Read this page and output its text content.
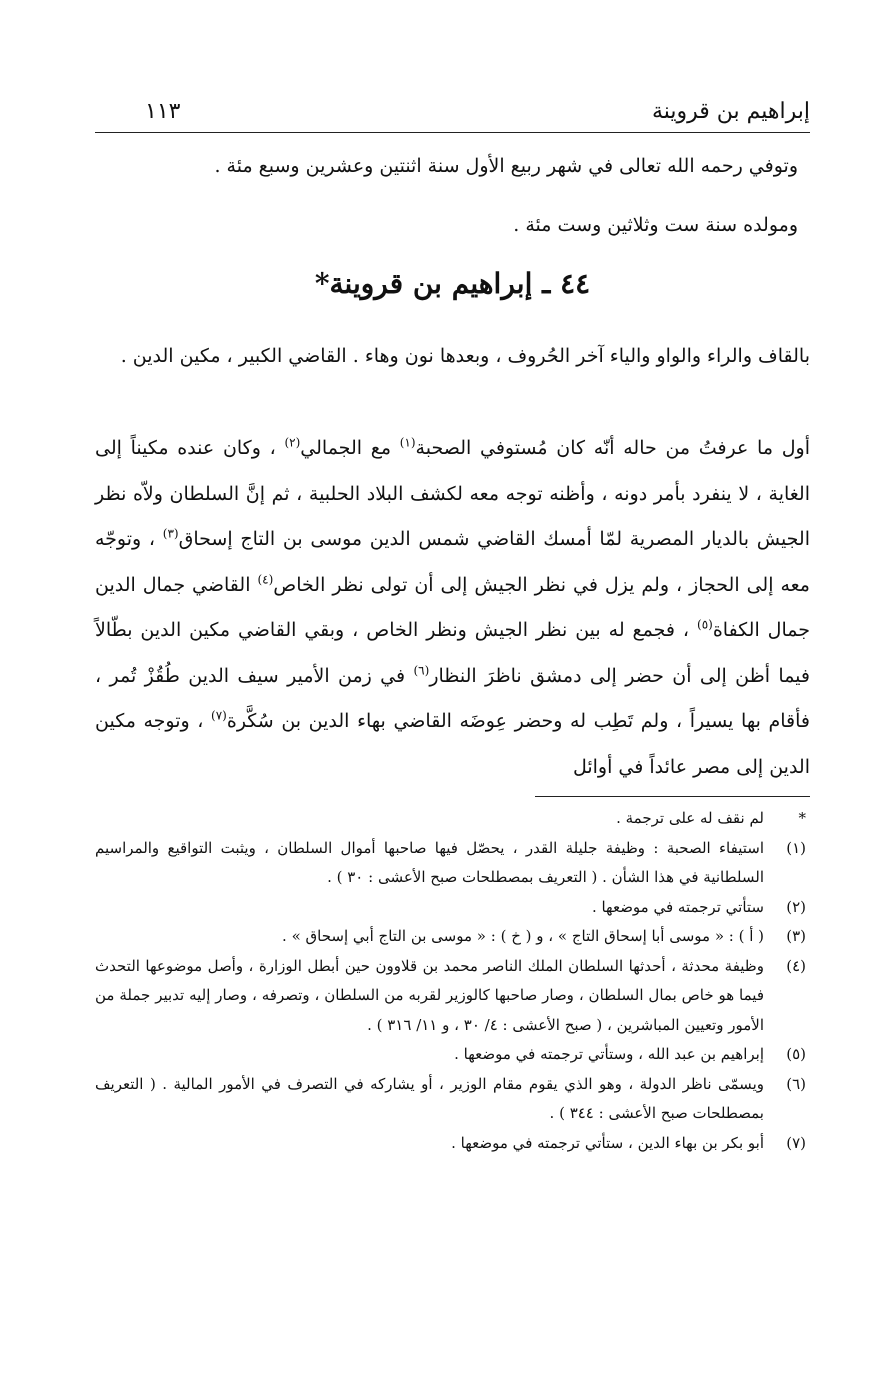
إبراهيم بن قروينة
١١٣

وتوفي رحمه الله تعالى في شهر ربيع الأول سنة اثنتين وعشرين وسبع مئة .

ومولده سنة ست وثلاثين وست مئة .

٤٤ ـ إبراهيم بن قروينة*

بالقاف والراء والواو والياء آخر الحُروف ، وبعدها نون وهاء . القاضي الكبير ، مكين الدين .

أول ما عرفتُ من حاله أنّه كان مُستوفي الصحبة$^{(١)}$ مع الجمالي$^{(٢)}$ ، وكان عنده مكيناً إلى الغاية ، لا ينفرد بأمر دونه ، وأظنه توجه معه لكشف البلاد الحلبية ، ثم إنَّ السلطان ولاّه نظر الجيش بالديار المصرية لمّا أمسك القاضي شمس الدين موسى بن التاج إسحاق$^{(٣)}$ ، وتوجّه معه إلى الحجاز ، ولم يزل في نظر الجيش إلى أن تولى نظر الخاص$^{(٤)}$ القاضي جمال الدين جمال الكفاة$^{(٥)}$ ، فجمع له بين نظر الجيش ونظر الخاص ، وبقي القاضي مكين الدين بطّالاً فيما أظن إلى أن حضر إلى دمشق ناظرَ النظار$^{(٦)}$ في زمن الأمير سيف الدين طُقُزْ تُمر ، فأقام بها يسيراً ، ولم تَطِب له وحضر عِوضَه القاضي بهاء الدين بن سُكَّرة$^{(٧)}$ ، وتوجه مكين الدين إلى مصر عائداً في أوائل

*
لم نقف له على ترجمة .
(١)
استيفاء الصحبة : وظيفة جليلة القدر ، يحصّل فيها صاحبها أموال السلطان ، ويثبت التواقيع والمراسيم السلطانية في هذا الشأن . ( التعريف بمصطلحات صبح الأعشى : ٣٠ ) .
(٢)
ستأتي ترجمته في موضعها .
(٣)
( أ ) : « موسى أبا إسحاق التاج » ، و ( خ ) : « موسى بن التاج أبي إسحاق » .
(٤)
وظيفة محدثة ، أحدثها السلطان الملك الناصر محمد بن قلاوون حين أبطل الوزارة ، وأصل موضوعها التحدث فيما هو خاص بمال السلطان ، وصار صاحبها كالوزير لقربه من السلطان ، وتصرفه ، وصار إليه تدبير جملة من الأمور وتعيين المباشرين ، ( صبح الأعشى : ٤/ ٣٠ ، و ١١/ ٣١٦ ) .
(٥)
إبراهيم بن عبد الله ، وستأتي ترجمته في موضعها .
(٦)
ويسمّى ناظر الدولة ، وهو الذي يقوم مقام الوزير ، أو يشاركه في التصرف في الأمور المالية . ( التعريف بمصطلحات صبح الأعشى : ٣٤٤ ) .
(٧)
أبو بكر بن بهاء الدين ، ستأتي ترجمته في موضعها .
